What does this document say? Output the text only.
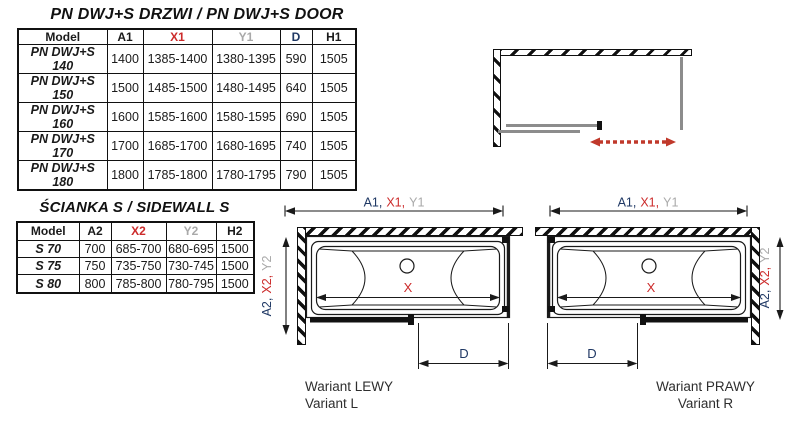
PN DWJ+S DRZWI / PN DWJ+S DOOR
Model	A1	X1	Y1	D	H1
PN DWJ+S 140	1400	1385-1400	1380-1395	590	1505
PN DWJ+S 150	1500	1485-1500	1480-1495	640	1505
PN DWJ+S 160	1600	1585-1600	1580-1595	690	1505
PN DWJ+S 170	1700	1685-1700	1680-1695	740	1505
PN DWJ+S 180	1800	1785-1800	1780-1795	790	1505
ŚCIANKA S / SIDEWALL S
Model	A2	X2	Y2	H2
S 70	700	685-700	680-695	1500
S 75	750	735-750	730-745	1500
S 80	800	785-800	780-795	1500
A1, X1, Y1
A2,X2,Y2
X
D
Wariant LEWY
Variant L
A1, X1, Y1
A2,X2,Y2
X
D
Wariant PRAWY
Variant R
